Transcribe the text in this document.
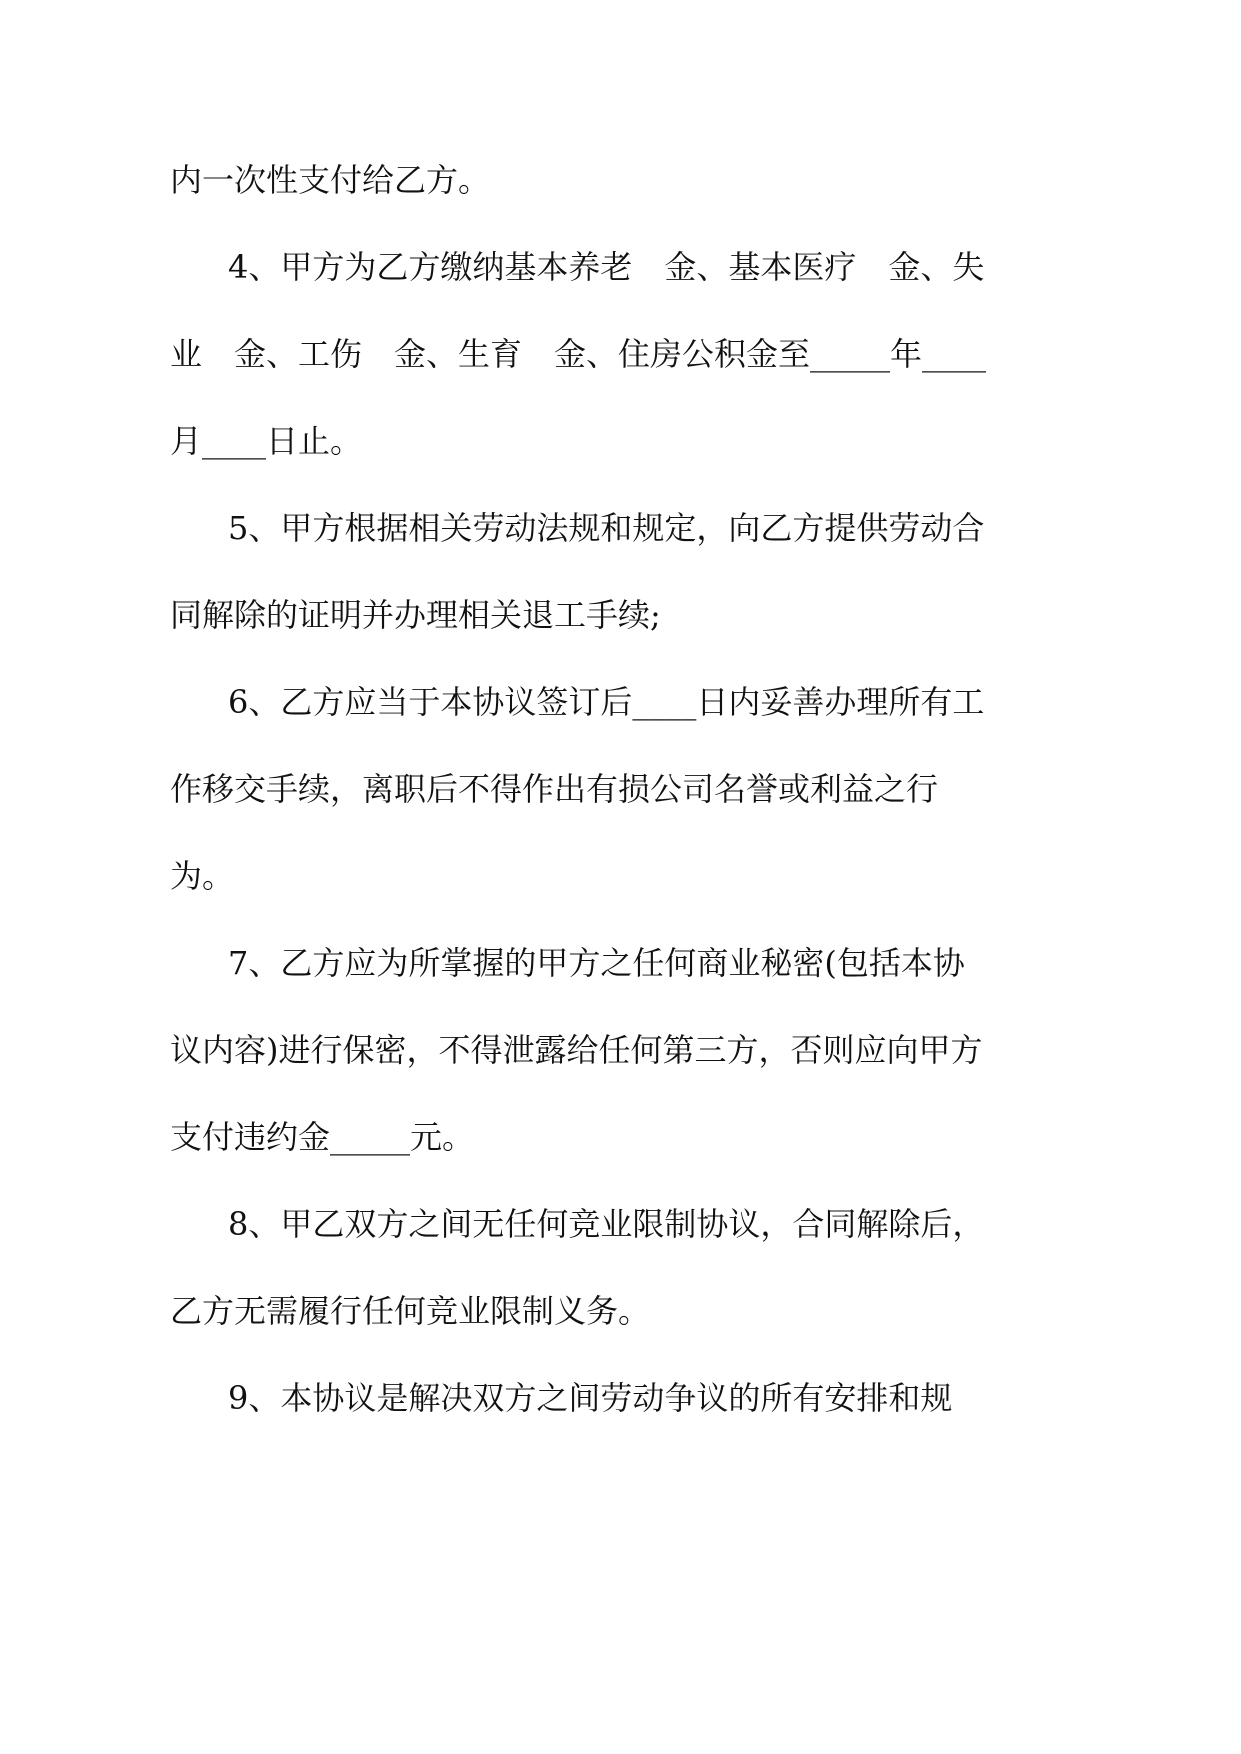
内一次性支付给乙方。
4、甲方为乙方缴纳基本养老　金、基本医疗　金、失
业　金、工伤　金、生育　金、住房公积金至_____年____
月____日止。
5、甲方根据相关劳动法规和规定，向乙方提供劳动合
同解除的证明并办理相关退工手续;
6、乙方应当于本协议签订后____日内妥善办理所有工
作移交手续，离职后不得作出有损公司名誉或利益之行
为。
7、乙方应为所掌握的甲方之任何商业秘密(包括本协
议内容)进行保密，不得泄露给任何第三方，否则应向甲方
支付违约金_____元。
8、甲乙双方之间无任何竞业限制协议，合同解除后，
乙方无需履行任何竞业限制义务。
9、本协议是解决双方之间劳动争议的所有安排和规
